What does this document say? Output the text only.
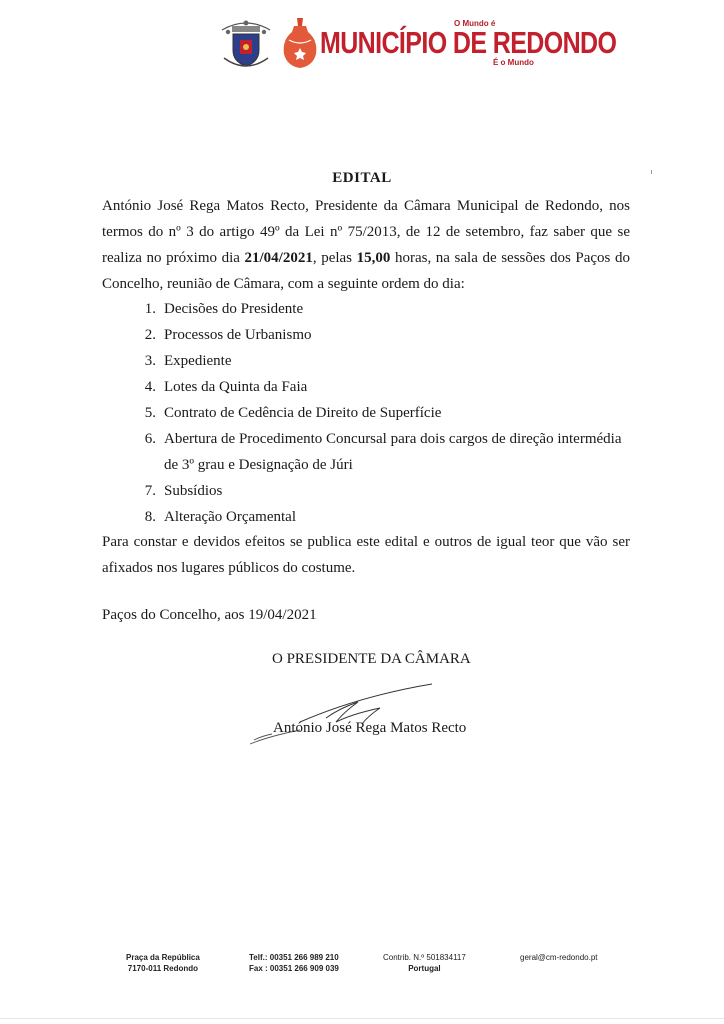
O Mundo é
MUNICÍPIO DE REDONDO
É o Mundo
EDITAL
António José Rega Matos Recto, Presidente da Câmara Municipal de Redondo, nos termos do nº 3 do artigo 49º da Lei nº 75/2013, de 12 de setembro, faz saber que se realiza no próximo dia 21/04/2021, pelas 15,00 horas, na sala de sessões dos Paços do Concelho, reunião de Câmara, com a seguinte ordem do dia:
1. Decisões do Presidente
2. Processos de Urbanismo
3. Expediente
4. Lotes da Quinta da Faia
5. Contrato de Cedência de Direito de Superfície
6. Abertura de Procedimento Concursal para dois cargos de direção intermédia de 3º grau e Designação de Júri
7. Subsídios
8. Alteração Orçamental
Para constar e devidos efeitos se publica este edital e outros de igual teor que vão ser afixados nos lugares públicos do costume.
Paços do Concelho, aos 19/04/2021
O PRESIDENTE DA CÂMARA
António José Rega Matos Recto
Praça da República
7170-011 Redondo
Telf.: 00351 266 989 210
Fax : 00351 266 909 039
Contrib. N.º 501834117
Portugal
geral@cm-redondo.pt
